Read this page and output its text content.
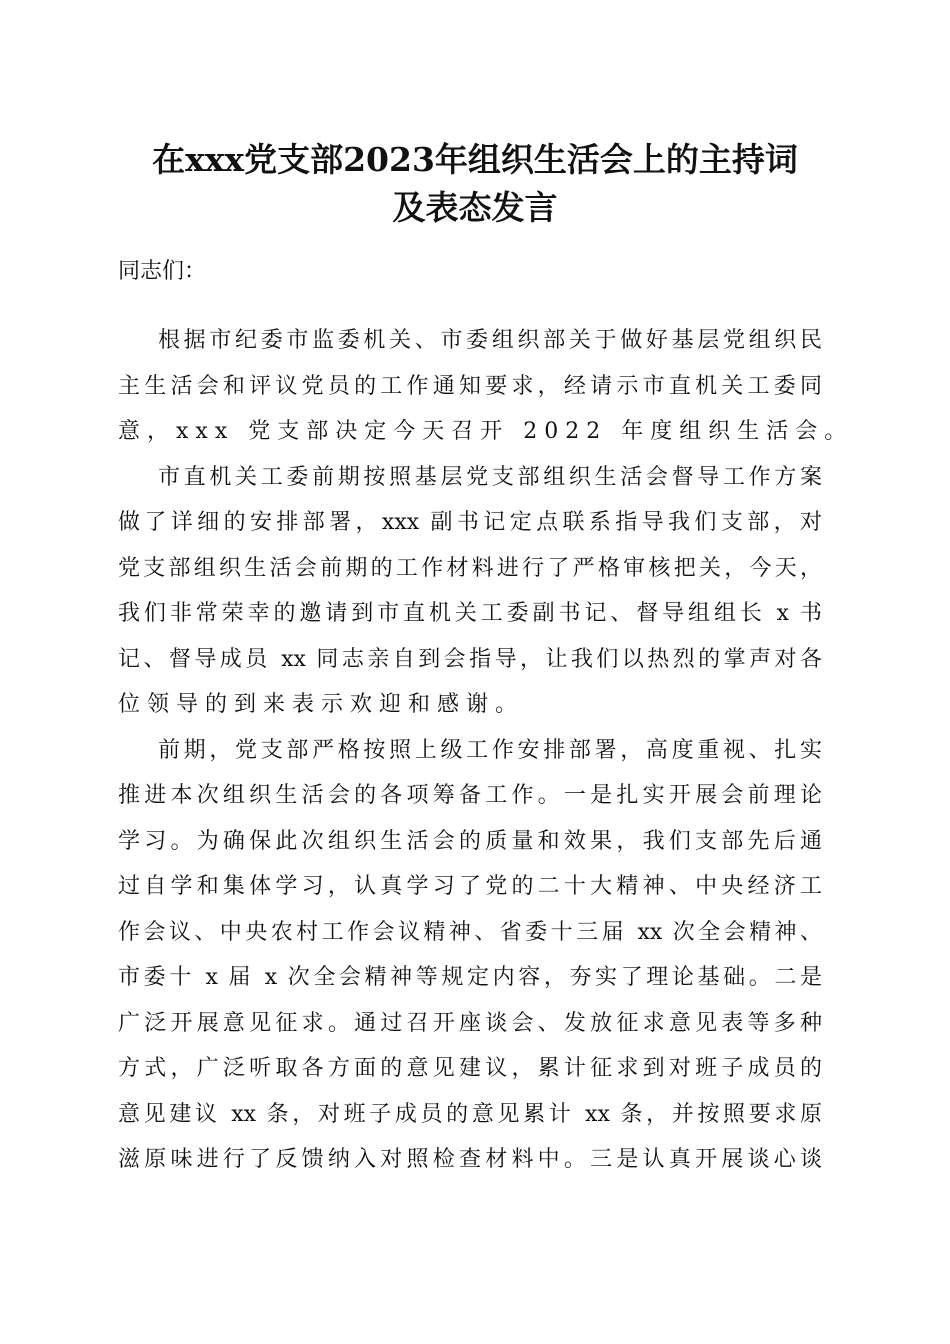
在xxx党支部2023年组织生活会上的主持词
及表态发言
同志们：
根据市纪委市监委机关、市委组织部关于做好基层党组织民
主生活会和评议党员的工作通知要求，经请示市直机关工委同
意，xxx 党支部决定今天召开 2022 年度组织生活会。
市直机关工委前期按照基层党支部组织生活会督导工作方案
做了详细的安排部署，xxx 副书记定点联系指导我们支部，对
党支部组织生活会前期的工作材料进行了严格审核把关，今天，
我们非常荣幸的邀请到市直机关工委副书记、督导组组长 x 书
记、督导成员 xx 同志亲自到会指导，让我们以热烈的掌声对各
位领导的到来表示欢迎和感谢。
前期，党支部严格按照上级工作安排部署，高度重视、扎实
推进本次组织生活会的各项筹备工作。一是扎实开展会前理论
学习。为确保此次组织生活会的质量和效果，我们支部先后通
过自学和集体学习，认真学习了党的二十大精神、中央经济工
作会议、中央农村工作会议精神、省委十三届 xx 次全会精神、
市委十 x 届 x 次全会精神等规定内容，夯实了理论基础。二是
广泛开展意见征求。通过召开座谈会、发放征求意见表等多种
方式，广泛听取各方面的意见建议，累计征求到对班子成员的
意见建议 xx 条，对班子成员的意见累计 xx 条，并按照要求原
滋原味进行了反馈纳入对照检查材料中。三是认真开展谈心谈
